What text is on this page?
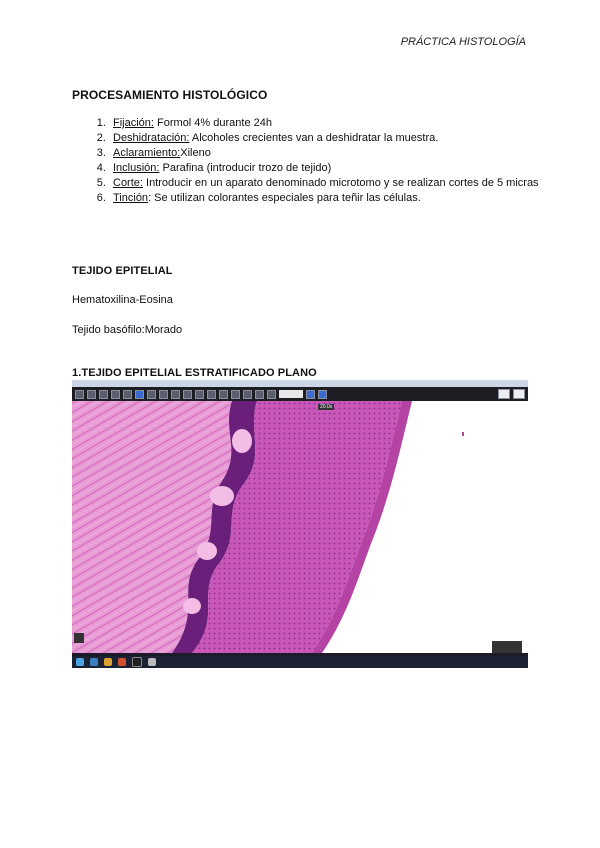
PRÁCTICA HISTOLOGÍA
PROCESAMIENTO HISTOLÓGICO
1. Fijación: Formol 4% durante 24h
2. Deshidratación: Alcoholes crecientes van a deshidratar la muestra.
3. Aclaramiento:Xileno
4. Inclusión: Parafina (introducir trozo de tejido)
5. Corte: Introducir en un aparato denominado microtomo y se realizan cortes de 5 micras
6. Tinción: Se utilizan colorantes especiales para teñir las células.
TEJIDO EPITELIAL
Hematoxilina-Eosina
Tejido basófilo:Morado
1.TEJIDO EPITELIAL ESTRATIFICADO PLANO
20.0x
